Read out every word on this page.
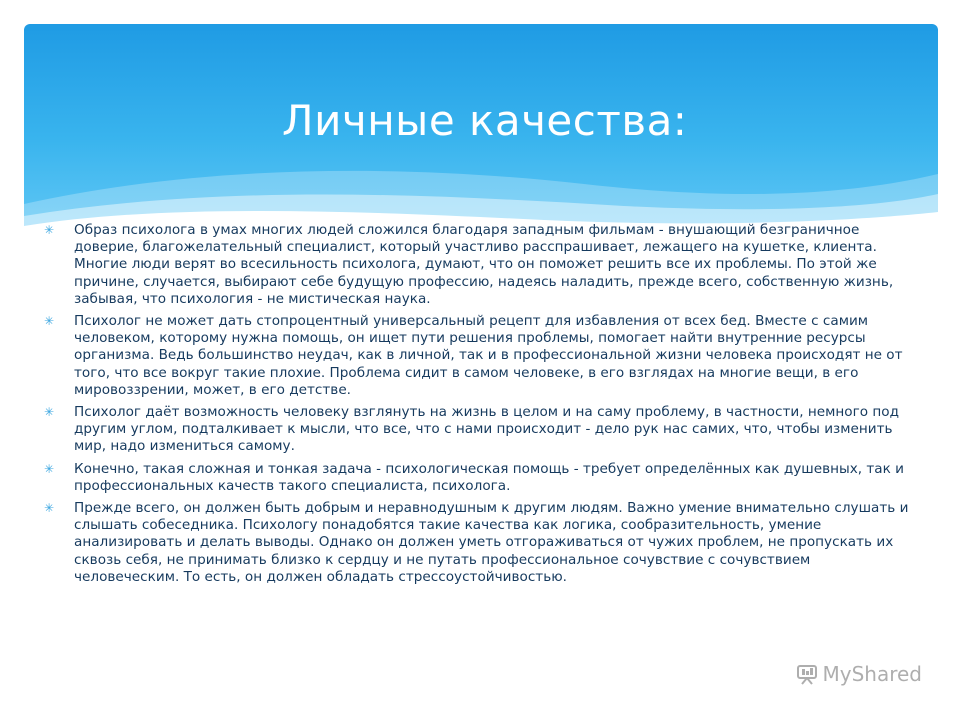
Личные качества:
✳ Образ психолога в умах многих людей сложился благодаря западным фильмам - внушающий безграничное доверие, благожелательный специалист, который участливо расспрашивает, лежащего на кушетке, клиента. Многие люди верят во всесильность психолога, думают, что он поможет решить все их проблемы. По этой же причине, случается, выбирают себе будущую профессию, надеясь наладить, прежде всего, собственную жизнь, забывая, что психология - не мистическая наука.
✳ Психолог не может дать стопроцентный универсальный рецепт для избавления от всех бед. Вместе с самим человеком, которому нужна помощь, он ищет пути решения проблемы, помогает найти внутренние ресурсы организма. Ведь большинство неудач, как в личной, так и в профессиональной жизни человека происходят не от того, что все вокруг такие плохие. Проблема сидит в самом человеке, в его взглядах на многие вещи, в его мировоззрении, может, в его детстве.
✳ Психолог даёт возможность человеку взглянуть на жизнь в целом и на саму проблему, в частности, немного под другим углом, подталкивает к мысли, что все, что с нами происходит - дело рук нас самих, что, чтобы изменить мир, надо измениться самому.
✳ Конечно, такая сложная и тонкая задача - психологическая помощь - требует определённых как душевных, так и профессиональных качеств такого специалиста, психолога.
✳ Прежде всего, он должен быть добрым и неравнодушным к другим людям. Важно умение внимательно слушать и слышать собеседника. Психологу понадобятся такие качества как логика, сообразительность, умение анализировать и делать выводы. Однако он должен уметь отгораживаться от чужих проблем, не пропускать их сквозь себя, не принимать близко к сердцу и не путать профессиональное сочувствие с сочувствием человеческим. То есть, он должен обладать стрессоустойчивостью.
MyShared
